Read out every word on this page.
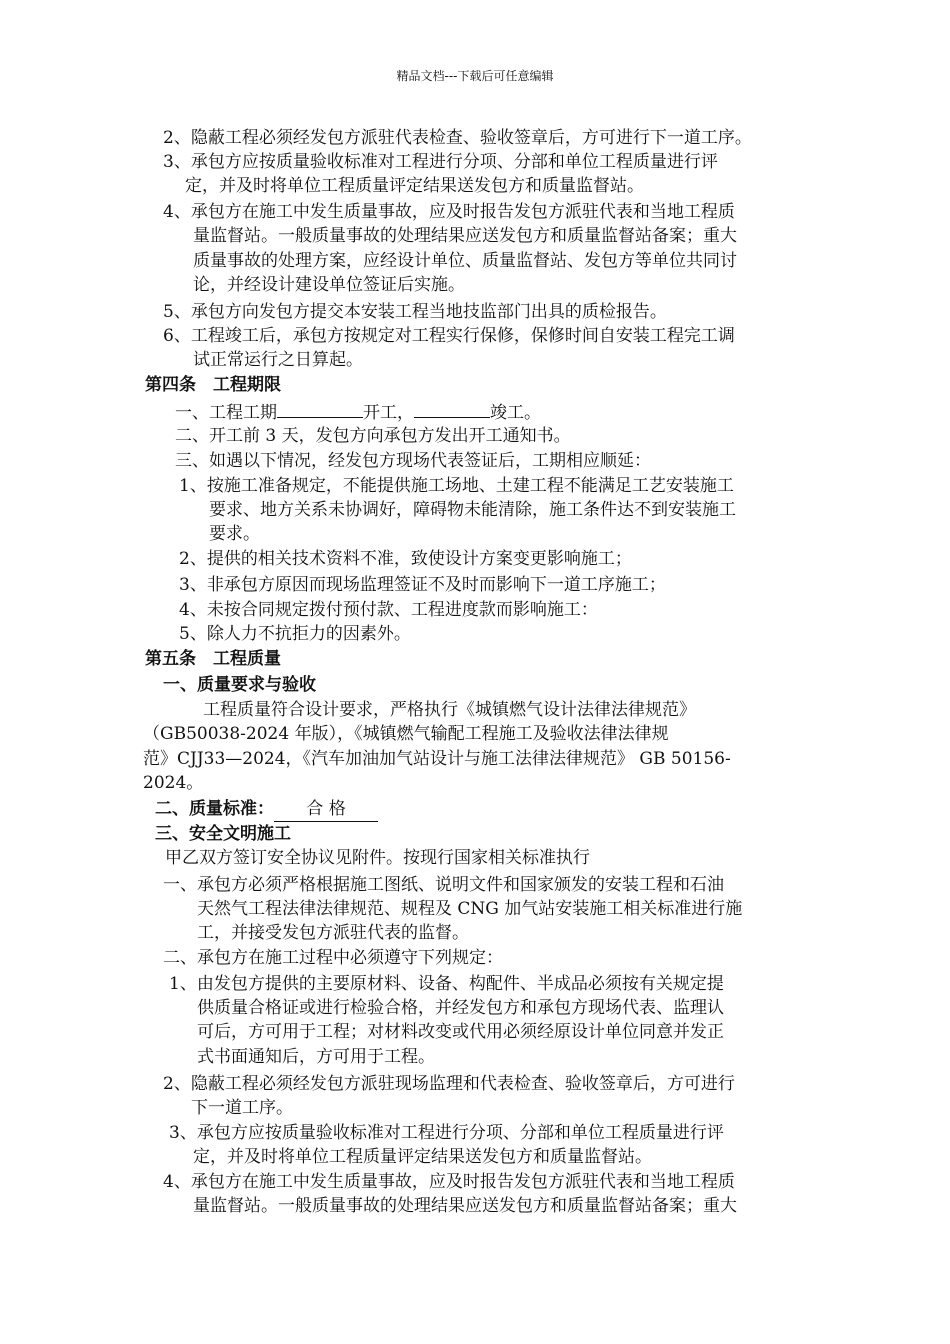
精品文档---下载后可任意编辑
2、隐蔽工程必须经发包方派驻代表检查、验收签章后，方可进行下一道工序。
3、承包方应按质量验收标准对工程进行分项、分部和单位工程质量进行评
定，并及时将单位工程质量评定结果送发包方和质量监督站。
4、承包方在施工中发生质量事故，应及时报告发包方派驻代表和当地工程质
量监督站。一般质量事故的处理结果应送发包方和质量监督站备案；重大
质量事故的处理方案，应经设计单位、质量监督站、发包方等单位共同讨
论，并经设计建设单位签证后实施。
5、承包方向发包方提交本安装工程当地技监部门出具的质检报告。
6、工程竣工后，承包方按规定对工程实行保修，保修时间自安装工程完工调
试正常运行之日算起。
第四条　工程期限
一、工程工期	开工，	竣工。
二、开工前 3 天，发包方向承包方发出开工通知书。
三、如遇以下情况，经发包方现场代表签证后，工期相应顺延：
1、按施工准备规定，不能提供施工场地、土建工程不能满足工艺安装施工
要求、地方关系未协调好，障碍物未能清除，施工条件达不到安装施工
要求。
2、提供的相关技术资料不准，致使设计方案变更影响施工；
3、非承包方原因而现场监理签证不及时而影响下一道工序施工；
4、未按合同规定拨付预付款、工程进度款而影响施工：
5、除人力不抗拒力的因素外。
第五条　工程质量
一、质量要求与验收
工程质量符合设计要求，严格执行《城镇燃气设计法律法律规范》
（GB50038-2024 年版），《城镇燃气输配工程施工及验收法律法律规
范》CJJ33—2024，《汽车加油加气站设计与施工法律法律规范》 GB 50156-
2024。
二、质量标准： 合 格
三、安全文明施工
甲乙双方签订安全协议见附件。按现行国家相关标准执行
一、承包方必须严格根据施工图纸、说明文件和国家颁发的安装工程和石油
天然气工程法律法律规范、规程及 CNG 加气站安装施工相关标准进行施
工，并接受发包方派驻代表的监督。
二、承包方在施工过程中必须遵守下列规定：
1、由发包方提供的主要原材料、设备、构配件、半成品必须按有关规定提
供质量合格证或进行检验合格，并经发包方和承包方现场代表、监理认
可后，方可用于工程；对材料改变或代用必须经原设计单位同意并发正
式书面通知后，方可用于工程。
2、隐蔽工程必须经发包方派驻现场监理和代表检查、验收签章后，方可进行
下一道工序。
3、承包方应按质量验收标准对工程进行分项、分部和单位工程质量进行评
定，并及时将单位工程质量评定结果送发包方和质量监督站。
4、承包方在施工中发生质量事故，应及时报告发包方派驻代表和当地工程质
量监督站。一般质量事故的处理结果应送发包方和质量监督站备案；重大
